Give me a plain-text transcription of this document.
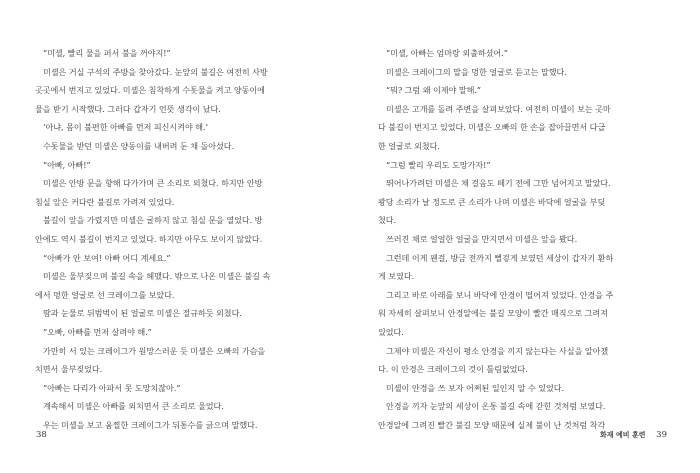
“미셸, 빨리 물을 퍼서 불을 꺼야지!”
미셸은 거실 구석의 주방을 찾아갔다. 눈앞의 불길은 여전히 사방
곳곳에서 번지고 있었다. 미셸은 침착하게 수돗물을 켜고 양동이에
물을 받기 시작했다. 그러다 갑자기 언뜻 생각이 났다.
‘아냐, 몸이 불편한 아빠를 먼저 피신시켜야 해.’
수돗물을 받던 미셸은 양동이를 내버려 둔 채 돌아섰다.
“아빠, 아빠!”
미셸은 안방 문을 향해 다가가며 큰 소리로 외쳤다. 하지만 안방
침실 앞은 커다란 불길로 가려져 있었다.
불길이 앞을 가렸지만 미셸은 굴하지 않고 침실 문을 열었다. 방
안에도 역시 불길이 번지고 있었다. 하지만 아무도 보이지 않았다.
“아빠가 안 보여! 아빠 어디 계세요.”
미셸은 울부짖으며 불길 속을 헤맸다. 밖으로 나온 미셸은 불길 속
에서 멍한 얼굴로 선 크레이그를 보았다.
땀과 눈물로 뒤범벅이 된 얼굴로 미셸은 절규하듯 외쳤다.
“오빠, 아빠를 먼저 살려야 해.”
가만히 서 있는 크레이그가 원망스러운 듯 미셸은 오빠의 가슴을
치면서 울부짖었다.
“아빠는 다리가 아파서 못 도망치잖아.”
계속해서 미셸은 아빠를 외치면서 큰 소리로 울었다.
우는 미셸을 보고 움찔한 크레이그가 뒤통수를 긁으며 말했다.
“미셸, 아빠는 엄마랑 외출하셨어.”
미셸은 크레이그의 말을 멍한 얼굴로 듣고는 말했다.
“뭐? 그럼 왜 이제야 말해.”
미셸은 고개를 돌려 주변을 살펴보았다. 여전히 미셸이 보는 곳마
다 불길이 번지고 있었다. 미셸은 오빠의 한 손을 잡아끌면서 다급
한 얼굴로 외쳤다.
“그럼 빨리 우리도 도망가자!”
뛰어나가려던 미셸은 채 걸음도 떼기 전에 그만 넘어지고 말았다.
쾅당 소리가 날 정도로 큰 소리가 나며 미셸은 바닥에 얼굴을 부딪
쳤다.
쓰러진 채로 얼얼한 얼굴을 만지면서 미셸은 앞을 봤다.
그런데 이게 웬걸, 방금 전까지 뻘겋게 보였던 세상이 갑자기 환하
게 보였다.
그리고 바로 아래를 보니 바닥에 안경이 떨어져 있었다. 안경을 주
워 자세히 살펴보니 안경알에는 불길 모양이 빨간 매직으로 그려져
있었다.
그제야 미셸은 자신이 평소 안경을 끼지 않는다는 사실을 알아챘
다. 이 안경은 크레이그의 것이 틀림없었다.
미셸이 안경을 쓰 보자 어쩌된 일인지 알 수 있었다.
안경을 끼자 눈앞의 세상이 온통 불길 속에 갇힌 것처럼 보였다.
안경알에 그려진 빨간 불길 모양 때문에 실제 불이 난 것처럼 착각
38	화재 예비 훈련 39
